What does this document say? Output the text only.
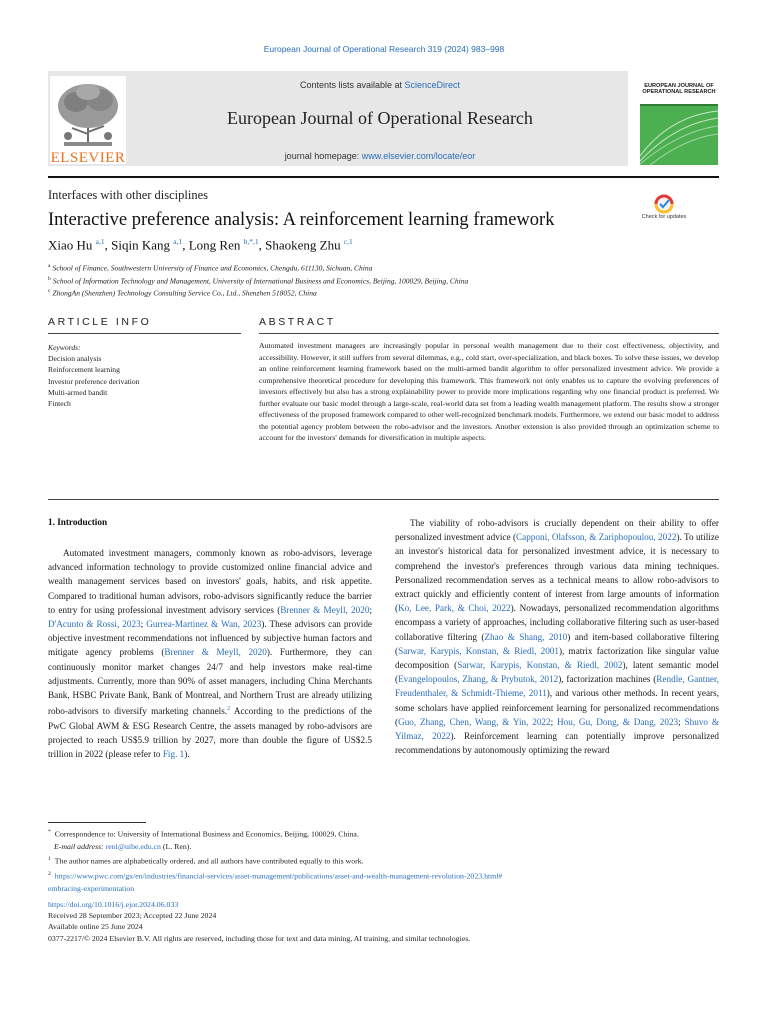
European Journal of Operational Research 319 (2024) 983–998
ELSEVIER
Contents lists available at ScienceDirect
European Journal of Operational Research
journal homepage: www.elsevier.com/locate/eor
EUROPEAN JOURNAL OF OPERATIONAL RESEARCH
Interfaces with other disciplines
Interactive preference analysis: A reinforcement learning framework	Check for updates
Xiao Hu $^{a,1}$, Siqin Kang $^{a,1}$, Long Ren $^{b,*,1}$, Shaokeng Zhu $^{c,1}$
$^a$ School of Finance, Southwestern University of Finance and Economics, Chengdu, 611130, Sichuan, China
$^b$ School of Information Technology and Management, University of International Business and Economics, Beijing, 100029, Beijing, China
$^c$ ZhongAn (Shenzhen) Technology Consulting Service Co., Ltd., Shenzhen 518052, China
ARTICLE INFO	ABSTRACT
Keywords:
Decision analysis
Reinforcement learning
Investor preference derivation
Multi-armed bandit
Fintech

Automated investment managers are increasingly popular in personal wealth management due to their cost effectiveness, objectivity, and accessibility. However, it still suffers from several dilemmas, e.g., cold start, over-specialization, and black boxes. To solve these issues, we develop an online reinforcement learning framework based on the multi-armed bandit algorithm to offer personalized investment advice. We provide a comprehensive theoretical procedure for developing this framework. This framework not only enables us to capture the evolving preferences of investors effectively but also has a strong explainability power to provide more implications regarding why one financial product is preferred. We further evaluate our basic model through a large-scale, real-world data set from a leading wealth management platform. The results show a stronger effectiveness of the proposed framework compared to other well-recognized benchmark models. Furthermore, we extend our basic model to address the potential agency problem between the robo-advisor and the investors. Another extension is also provided through an optimization scheme to account for the investors' demands for diversification in multiple aspects.

1. Introduction

Automated investment managers, commonly known as robo-advisors, leverage advanced information technology to provide customized online financial advice and wealth management services based on investors' goals, habits, and risk appetite. Compared to traditional human advisors, robo-advisors significantly reduce the barrier to entry for using professional investment advisory services (Brenner & Meyll, 2020; D'Acunto & Rossi, 2023; Gurrea-Martinez & Wan, 2023). These advisors can provide objective investment recommendations not influenced by subjective human factors and mitigate agency problems (Brenner & Meyll, 2020). Furthermore, they can continuously monitor market changes 24/7 and help investors make real-time adjustments. Currently, more than 90% of asset managers, including China Merchants Bank, HSBC Private Bank, Bank of Montreal, and Northern Trust are already utilizing robo-advisors to diversify marketing channels.$^2$ According to the predictions of the PwC Global AWM & ESG Research Centre, the assets managed by robo-advisors are projected to reach US$5.9 trillion by 2027, more than double the figure of US$2.5 trillion in 2022 (please refer to Fig. 1).

The viability of robo-advisors is crucially dependent on their ability to offer personalized investment advice (Capponi, Olafsson, & Zariphopoulou, 2022). To utilize an investor's historical data for personalized investment advice, it is necessary to comprehend the investor's preferences through various data mining techniques. Personalized recommendation serves as a technical means to allow robo-advisors to extract quickly and efficiently content of interest from large amounts of information (Ko, Lee, Park, & Choi, 2022). Nowadays, personalized recommendation algorithms encompass a variety of approaches, including collaborative filtering such as user-based collaborative filtering (Zhao & Shang, 2010) and item-based collaborative filtering (Sarwar, Karypis, Konstan, & Riedl, 2001), matrix factorization like singular value decomposition (Sarwar, Karypis, Konstan, & Riedl, 2002), latent semantic model (Evangelopoulos, Zhang, & Prybutok, 2012), factorization machines (Rendle, Gantner, Freudenthaler, & Schmidt-Thieme, 2011), and various other methods. In recent years, some scholars have applied reinforcement learning for personalized recommendations (Guo, Zhang, Chen, Wang, & Yin, 2022; Hou, Gu, Dong, & Dang, 2023; Shuvo & Yilmaz, 2022). Reinforcement learning can potentially improve personalized recommendations by autonomously optimizing the reward

* Correspondence to: University of International Business and Economics, Beijing, 100029, China.
E-mail address: renl@uibe.edu.cn (L. Ren).
$^1$ The author names are alphabetically ordered, and all authors have contributed equally to this work.
$^2$ https://www.pwc.com/gx/en/industries/financial-services/asset-management/publications/asset-and-wealth-management-revolution-2023.html#
embracing-experimentation
https://doi.org/10.1016/j.ejor.2024.06.033
Received 28 September 2023; Accepted 22 June 2024
Available online 25 June 2024
0377-2217/© 2024 Elsevier B.V. All rights are reserved, including those for text and data mining, AI training, and similar technologies.
